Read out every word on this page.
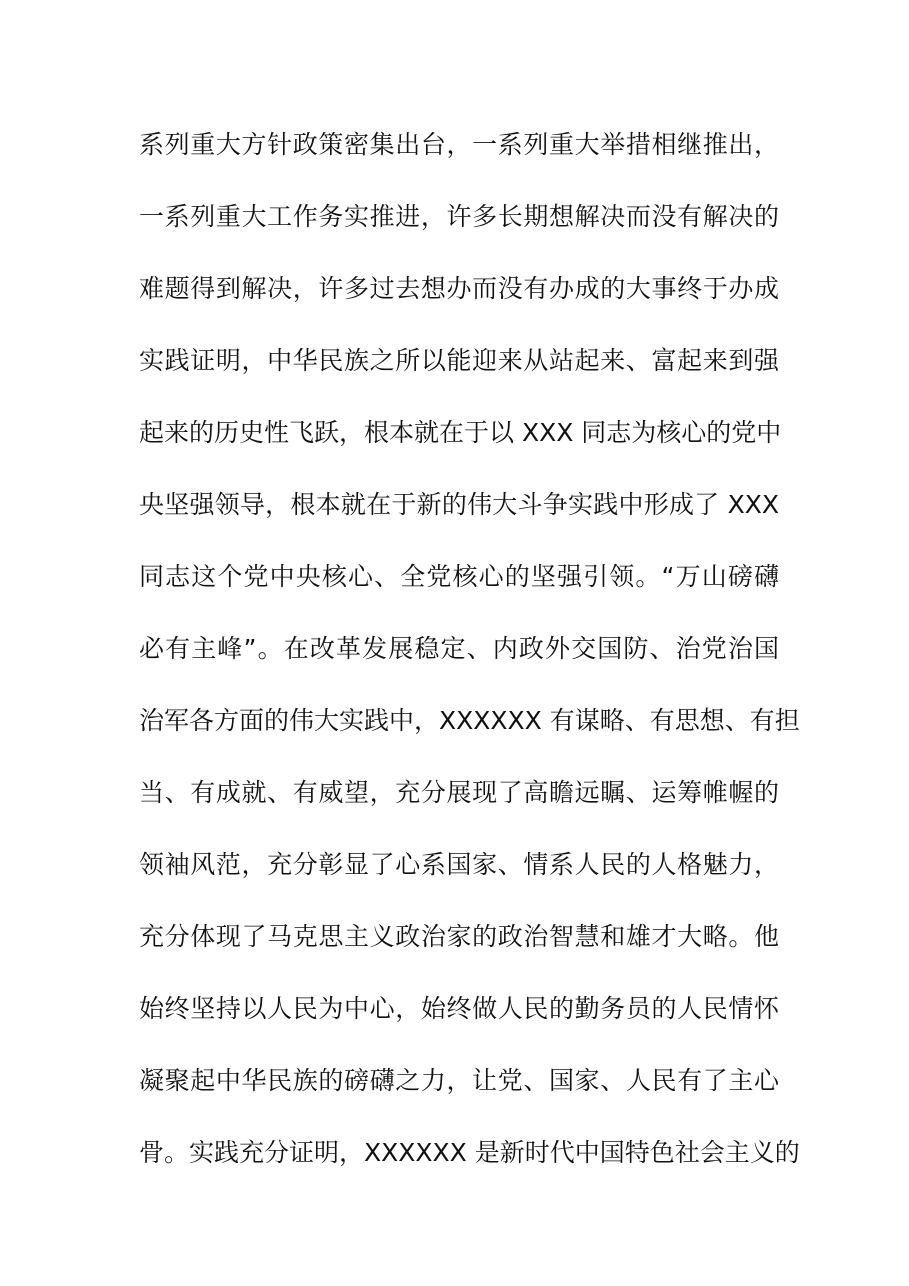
系列重大方针政策密集出台，一系列重大举措相继推出，
一系列重大工作务实推进，许多长期想解决而没有解决的
难题得到解决，许多过去想办而没有办成的大事终于办成
实践证明，中华民族之所以能迎来从站起来、富起来到强
起来的历史性飞跃，根本就在于以 XXX 同志为核心的党中
央坚强领导，根本就在于新的伟大斗争实践中形成了 XXX
同志这个党中央核心、全党核心的坚强引领。“万山磅礴
必有主峰”。在改革发展稳定、内政外交国防、治党治国
治军各方面的伟大实践中，XXXXXX 有谋略、有思想、有担
当、有成就、有威望，充分展现了高瞻远瞩、运筹帷幄的
领袖风范，充分彰显了心系国家、情系人民的人格魅力，
充分体现了马克思主义政治家的政治智慧和雄才大略。他
始终坚持以人民为中心，始终做人民的勤务员的人民情怀
凝聚起中华民族的磅礴之力，让党、国家、人民有了主心
骨。实践充分证明，XXXXXX 是新时代中国特色社会主义的
